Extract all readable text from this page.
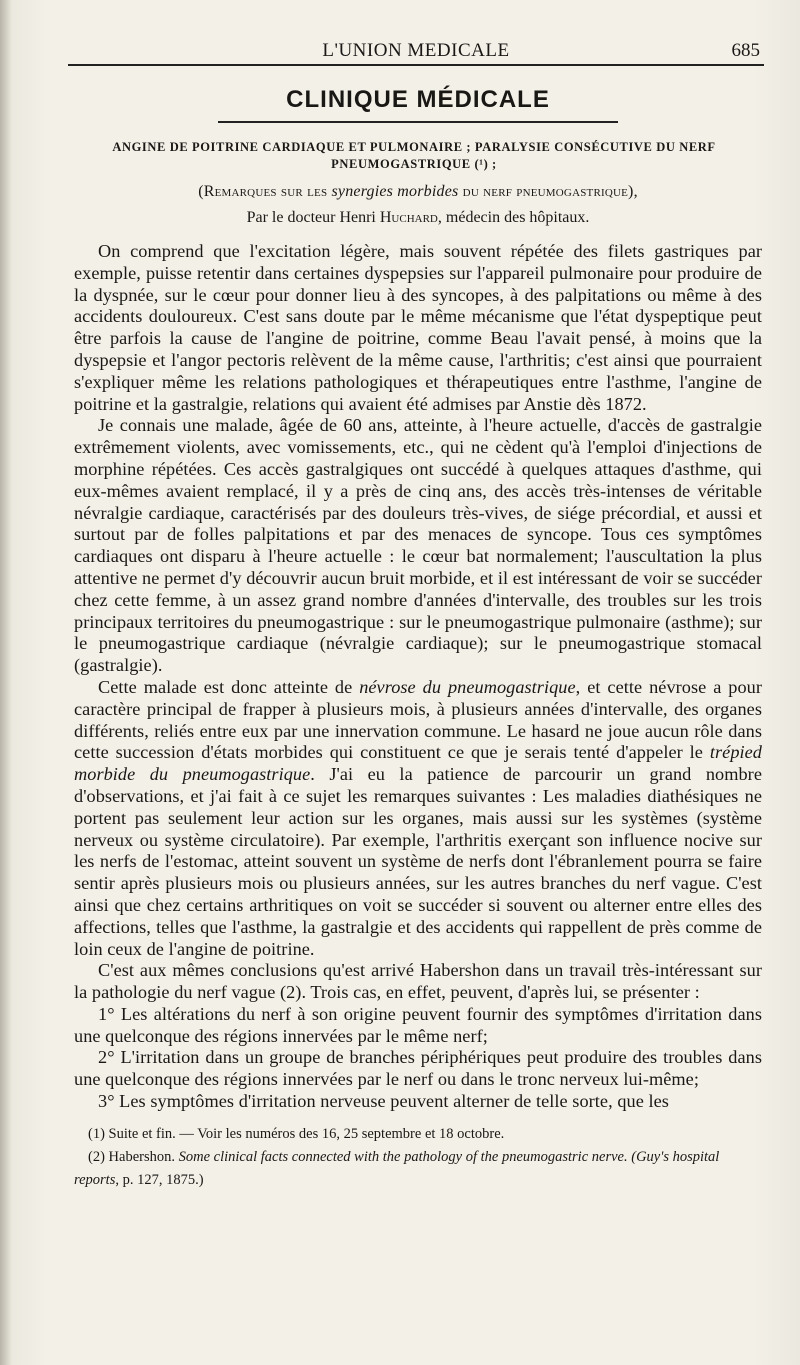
L'UNION MEDICALE	685
CLINIQUE MÉDICALE
ANGINE DE POITRINE CARDIAQUE ET PULMONAIRE ; PARALYSIE CONSÉCUTIVE DU NERF
PNEUMOGASTRIQUE (¹) ;
(Remarques sur les synergies morbides du nerf pneumogastrique),
Par le docteur Henri Huchard, médecin des hôpitaux.

On comprend que l'excitation légère, mais souvent répétée des filets gastriques par exemple, puisse retentir dans certaines dyspepsies sur l'appareil pulmonaire pour produire de la dyspnée, sur le cœur pour donner lieu à des syncopes, à des palpitations ou même à des accidents douloureux. C'est sans doute par le même mécanisme que l'état dyspeptique peut être parfois la cause de l'angine de poitrine, comme Beau l'avait pensé, à moins que la dyspepsie et l'angor pectoris relèvent de la même cause, l'arthritis; c'est ainsi que pourraient s'expliquer même les relations pathologiques et thérapeutiques entre l'asthme, l'angine de poitrine et la gastralgie, relations qui avaient été admises par Anstie dès 1872.

Je connais une malade, âgée de 60 ans, atteinte, à l'heure actuelle, d'accès de gastralgie extrêmement violents, avec vomissements, etc., qui ne cèdent qu'à l'emploi d'injections de morphine répétées. Ces accès gastralgiques ont succédé à quelques attaques d'asthme, qui eux-mêmes avaient remplacé, il y a près de cinq ans, des accès très-intenses de véritable névralgie cardiaque, caractérisés par des douleurs très-vives, de siége précordial, et aussi et surtout par de folles palpitations et par des menaces de syncope. Tous ces symptômes cardiaques ont disparu à l'heure actuelle : le cœur bat normalement; l'auscultation la plus attentive ne permet d'y découvrir aucun bruit morbide, et il est intéressant de voir se succéder chez cette femme, à un assez grand nombre d'années d'intervalle, des troubles sur les trois principaux territoires du pneumogastrique : sur le pneumogastrique pulmonaire (asthme); sur le pneumogastrique cardiaque (névralgie cardiaque); sur le pneumogastrique stomacal (gastralgie).

Cette malade est donc atteinte de névrose du pneumogastrique, et cette névrose a pour caractère principal de frapper à plusieurs mois, à plusieurs années d'intervalle, des organes différents, reliés entre eux par une innervation commune. Le hasard ne joue aucun rôle dans cette succession d'états morbides qui constituent ce que je serais tenté d'appeler le trépied morbide du pneumogastrique. J'ai eu la patience de parcourir un grand nombre d'observations, et j'ai fait à ce sujet les remarques suivantes : Les maladies diathésiques ne portent pas seulement leur action sur les organes, mais aussi sur les systèmes (système nerveux ou système circulatoire). Par exemple, l'arthritis exerçant son influence nocive sur les nerfs de l'estomac, atteint souvent un système de nerfs dont l'ébranlement pourra se faire sentir après plusieurs mois ou plusieurs années, sur les autres branches du nerf vague. C'est ainsi que chez certains arthritiques on voit se succéder si souvent ou alterner entre elles des affections, telles que l'asthme, la gastralgie et des accidents qui rappellent de près comme de loin ceux de l'angine de poitrine.

C'est aux mêmes conclusions qu'est arrivé Habershon dans un travail très-intéressant sur la pathologie du nerf vague (2). Trois cas, en effet, peuvent, d'après lui, se présenter :

1° Les altérations du nerf à son origine peuvent fournir des symptômes d'irritation dans une quelconque des régions innervées par le même nerf;

2° L'irritation dans un groupe de branches périphériques peut produire des troubles dans une quelconque des régions innervées par le nerf ou dans le tronc nerveux lui-même;

3° Les symptômes d'irritation nerveuse peuvent alterner de telle sorte, que les

(1) Suite et fin. — Voir les numéros des 16, 25 septembre et 18 octobre.

(2) Habershon. Some clinical facts connected with the pathology of the pneumogastric nerve. (Guy's hospital reports, p. 127, 1875.)
